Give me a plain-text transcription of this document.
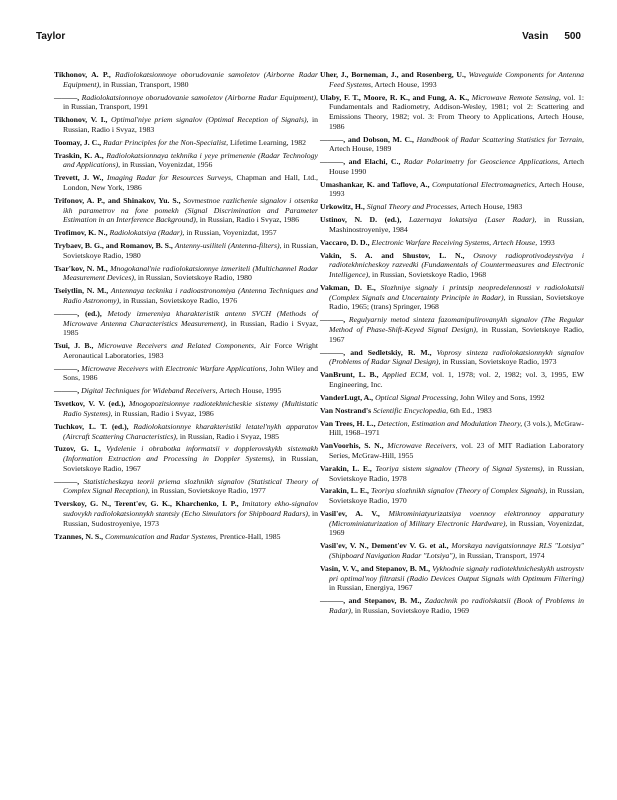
Taylor	Vasin 500

Tikhonov, A. P., Radiolokatsionnoye oborudovanie samoletov (Airborne Radar Equipment), in Russian, Transport, 1980

———, Radiolokatsionnoye oborudovanie samoletov (Airborne Radar Equipment), in Russian, Transport, 1991

Tikhonov, V. I., Optimal'niye priem signalov (Optimal Reception of Signals), in Russian, Radio i Svyaz, 1983

Toomay, J. C., Radar Principles for the Non-Specialist, Lifetime Learning, 1982

Traskin, K. A., Radiolokatsionnaya tekhnika i yeye primenenie (Radar Technology and Applications), in Russian, Voyenizdat, 1956

Trevett, J. W., Imaging Radar for Resources Surveys, Chapman and Hall, Ltd., London, New York, 1986

Trifonov, A. P., and Shinakov, Yu. S., Sovmestnoe razlichenie signalov i otsenka ikh parametrov na fone pomekh (Signal Discrimination and Parameter Estimation in an Interference Background), in Russian, Radio i Svyaz, 1986

Trofimov, K. N., Radiolokatsiya (Radar), in Russian, Voyenizdat, 1957

Trybaev, B. G., and Romanov, B. S., Antenny-usiliteli (Antenna-filters), in Russian, Sovietskoye Radio, 1980

Tsar'kov, N. M., Mnogokanal'nie radiolokatsionnye izmeriteli (Multichannel Radar Measurement Devices), in Russian, Sovietskoye Radio, 1980

Tseiytlin, N. M., Antennaya tecknika i radioastronomiya (Antenna Techniques and Radio Astronomy), in Russian, Sovietskoye Radio, 1976

———, (ed.), Metody izmereniya kharakteristik antenn SVCH (Methods of Microwave Antenna Characteristics Measurement), in Russian, Radio i Svyaz, 1985

Tsui, J. B., Microwave Receivers and Related Components, Air Force Wright Aeronautical Laboratories, 1983

———, Microwave Receivers with Electronic Warfare Applications, John Wiley and Sons, 1986

———, Digital Techniques for Wideband Receivers, Artech House, 1995

Tsvetkov, V. V. (ed.), Mnogopozitsionnye radiotekhnicheskie sistemy (Multistatic Radio Systems), in Russian, Radio i Svyaz, 1986

Tuchkov, L. T. (ed.), Radiolokatsionnye kharakteristiki letatel'nykh apparatov (Aircraft Scattering Characteristics), in Russian, Radio i Svyaz, 1985

Tuzov, G. I., Vydelenie i obrabotka informatsii v dopplerovskykh sistemakh (Information Extraction and Processing in Doppler Systems), in Russian, Sovietskoye Radio, 1967

———, Statisticheskaya teorii priema slozhnikh signalov (Statistical Theory of Complex Signal Reception), in Russian, Sovietskoye Radio, 1977

Tverskoy, G. N., Terent'ev, G. K., Kharchenko, I. P., Imitatory ekho-signalov sudovykh radiolokatsionnykh stantsiy (Echo Simulators for Shipboard Radars), in Russian, Sudostroyeniye, 1973

Tzannes, N. S., Communication and Radar Systems, Prentice-Hall, 1985

Uher, J., Borneman, J., and Rosenberg, U., Waveguide Components for Antenna Feed Systems, Artech House, 1993

Ulaby, F. T., Moore, R. K., and Fung, A. K., Microwave Remote Sensing, vol. 1: Fundamentals and Radiometry, Addison-Wesley, 1981; vol 2: Scattering and Emissions Theory, 1982; vol. 3: From Theory to Applications, Artech House, 1986

———, and Dobson, M. C., Handbook of Radar Scattering Statistics for Terrain, Artech House, 1989

———, and Elachi, C., Radar Polarimetry for Geoscience Applications, Artech House 1990

Umashankar, K. and Taflove, A., Computational Electromagnetics, Artech House, 1993

Urkowitz, H., Signal Theory and Processes, Artech House, 1983

Ustinov, N. D. (ed.), Lazernaya lokatsiya (Laser Radar), in Russian, Mashinostroyeniye, 1984

Vaccaro, D. D., Electronic Warfare Receiving Systems, Artech House, 1993

Vakin, S. A. and Shustov, L. N., Osnovy radioprotivodeystviya i radiotekhnicheskoy razvedki (Fundamentals of Countermeasures and Electronic Intelligence), in Russian, Sovietskoye Radio, 1968

Vakman, D. E., Slozhniye signaly i printsip neopredelennosti v radiolokatsii (Complex Signals and Uncertainty Principle in Radar), in Russian, Sovietskoye Radio, 1965; (trans) Springer, 1968

———, Regulyarniy metod sinteza fazomanipulirovanykh signalov (The Regular Method of Phase-Shift-Keyed Signal Design), in Russian, Sovietskoye Radio, 1967

———, and Sedletskiy, R. M., Voprosy sinteza radiolokatsionnykh signalov (Problems of Radar Signal Design), in Russian, Sovietskoye Radio, 1973

VanBrunt, L. B., Applied ECM, vol. 1, 1978; vol. 2, 1982; vol. 3, 1995, EW Engineering, Inc.

VanderLugt, A., Optical Signal Processing, John Wiley and Sons, 1992

Van Nostrand's Scientific Encyclopedia, 6th Ed., 1983

Van Trees, H. L., Detection, Estimation and Modulation Theory, (3 vols.), McGraw-Hill, 1968–1971

VanVoorhis, S. N., Microwave Receivers, vol. 23 of MIT Radiation Laboratory Series, McGraw-Hill, 1955

Varakin, L. E., Teoriya sistem signalov (Theory of Signal Systems), in Russian, Sovietskoye Radio, 1978

Varakin, L. E., Teoriya slozhnikh signalov (Theory of Complex Signals), in Russian, Sovietskoye Radio, 1970

Vasil'ev, A. V., Mikrominiatyurizatsiya voennoy elektronnoy apparatury (Microminiaturization of Military Electronic Hardware), in Russian, Voyenizdat, 1969

Vasil'ev, V. N., Dement'ev V. G. et al., Morskaya navigatsionnaye RLS "Lotsiya" (Shipboard Navigation Radar "Lotsiya"), in Russian, Transport, 1974

Vasin, V. V., and Stepanov, B. M., Vykhodnie signaly radiotekhnicheskykh ustroystv pri optimal'noy filtratsii (Radio Devices Output Signals with Optimum Filtering) in Russian, Energiya, 1967

———, and Stepanov, B. M., Zadachnik po radiolskatsii (Book of Problems in Radar), in Russian, Sovietskoye Radio, 1969
